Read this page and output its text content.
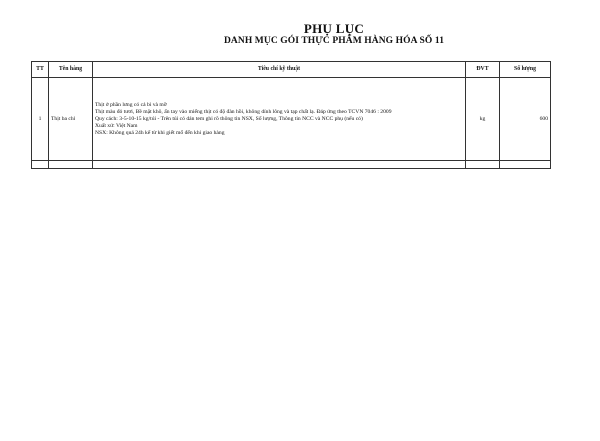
PHỤ LỤC
DANH MỤC GÓI THỰC PHẨM HÀNG HÓA SỐ 11
TT	Tên hàng	Tiêu chí kỹ thuật	ĐVT	Số lượng
1	Thịt ba chỉ	Thịt ở phần lưng có cả bì và mỡ
Thịt màu đỏ tươi, Bề mặt khô, ấn tay vào miếng thịt có độ đàn hồi, không dính lông và tạp chất lạ. Đáp ứng theo TCVN 7046 : 2009
Quy cách: 3-5-10-15 kg/túi - Trên túi có dán tem ghi rõ thông tin NSX, Số lượng, Thông tin NCC và NCC phụ (nếu có)
Xuất xứ: Việt Nam
NSX: Không quá 24h kể từ khi giết mổ đến khi giao hàng	kg	600
